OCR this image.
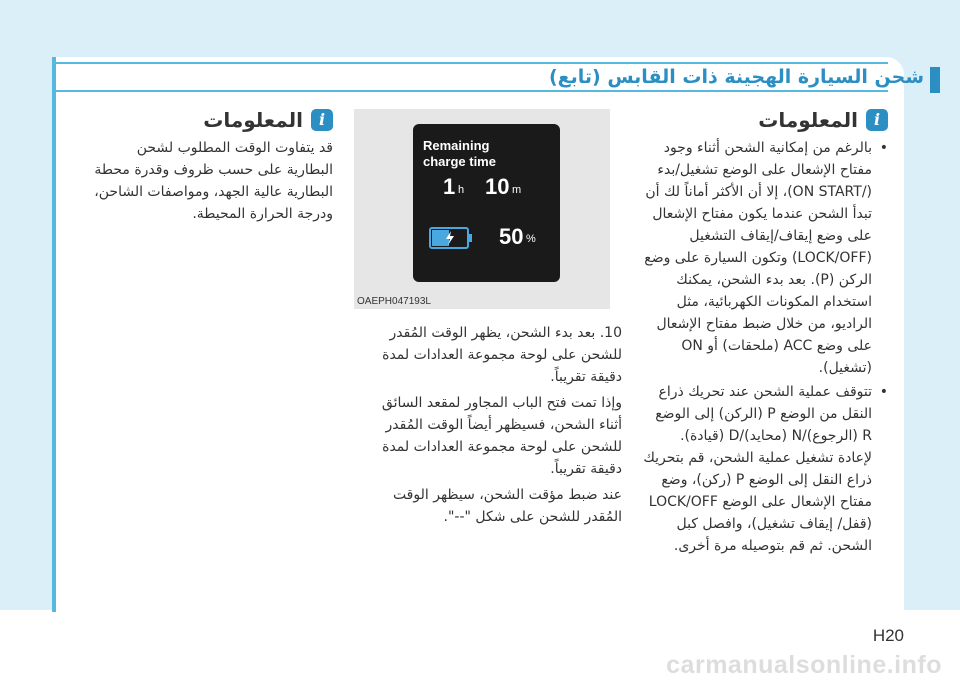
شحن السيارة الهجينة ذات القابس (تابع)
i
المعلومات
• بالرغم من إمكانية الشحن أثناء وجود مفتاح الإشعال على الوضع تشغيل/بدء (/ON START)، إلا أن الأكثر أماناً لك أن تبدأ الشحن عندما يكون مفتاح الإشعال على وضع إيقاف/إيقاف التشغيل (LOCK/OFF) وتكون السيارة على وضع الركن (P). بعد بدء الشحن، يمكنك استخدام المكونات الكهربائية، مثل الراديو، من خلال ضبط مفتاح الإشعال على وضع ACC (ملحقات) أو ON (تشغيل).
• تتوقف عملية الشحن عند تحريك ذراع النقل من الوضع P (الركن) إلى الوضع R (الرجوع)/N (محايد)/D (قيادة). لإعادة تشغيل عملية الشحن، قم بتحريك ذراع النقل إلى الوضع P (ركن)، وضع مفتاح الإشعال على الوضع LOCK/OFF (قفل/ إيقاف تشغيل)، وافصل كبل الشحن. ثم قم بتوصيله مرة أخرى.
Remaining
charge time
1 h 10 m
50 %
OAEPH047193L

10. بعد بدء الشحن، يظهر الوقت المُقدر للشحن على لوحة مجموعة العدادات لمدة دقيقة تقريباً.

وإذا تمت فتح الباب المجاور لمقعد السائق أثناء الشحن، فسيظهر أيضاً الوقت المُقدر للشحن على لوحة مجموعة العدادات لمدة دقيقة تقريباً.

عند ضبط مؤقت الشحن، سيظهر الوقت المُقدر للشحن على شكل "--".

i
المعلومات

قد يتفاوت الوقت المطلوب لشحن البطارية على حسب ظروف وقدرة محطة البطارية عالية الجهد، ومواصفات الشاحن، ودرجة الحرارة المحيطة.

H20
carmanualsonline.info
